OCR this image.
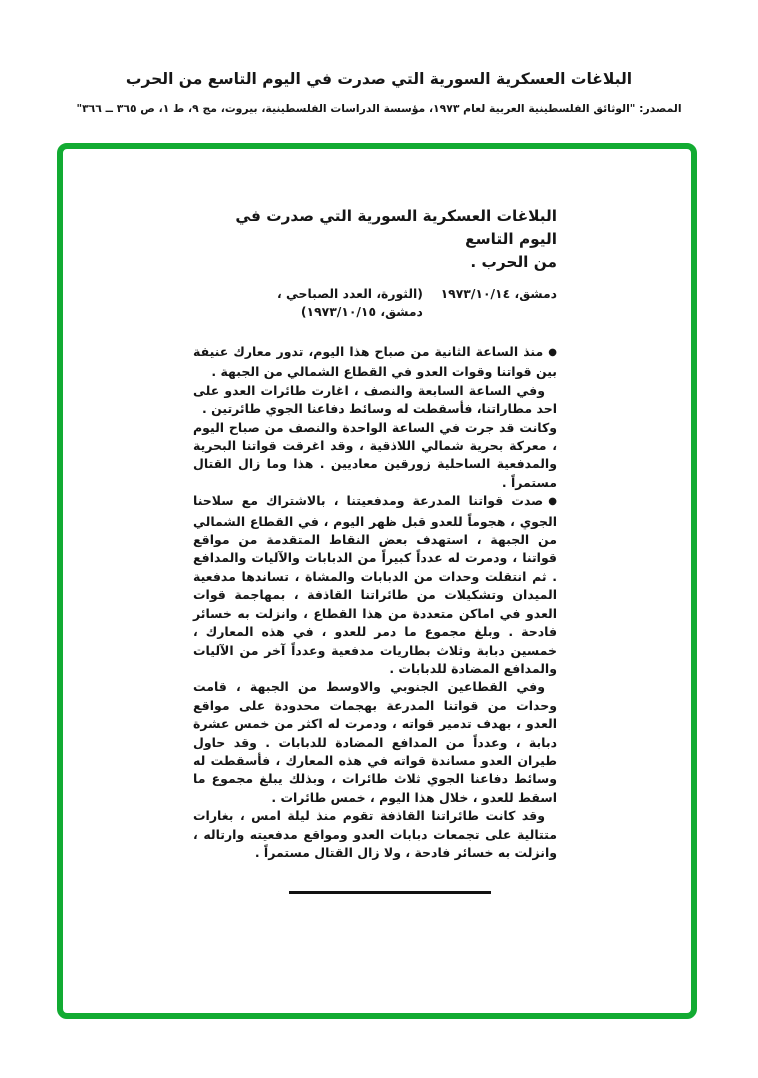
البلاغات العسكرية السورية التي صدرت في اليوم التاسع من الحرب
المصدر: "الوثائق الفلسطينية العربية لعام ١٩٧٣، مؤسسة الدراسات الفلسطينية، بيروت، مج ٩، ط ١، ص ٣٦٥ ــ ٣٦٦"
البلاغات العسكرية السورية التي صدرت في اليوم التاسع
من الحرب .
دمشق، ١٩٧٣/١٠/١٤
(الثورة، العدد الصباحي ،
دمشق، ١٩٧٣/١٠/١٥)
●منذ الساعة الثانية من صباح هذا اليوم، تدور معارك عنيفة بين قواتنا وقوات العدو في القطاع الشمالي من الجبهة .
وفي الساعة السابعة والنصف ، اغارت طائرات العدو على احد مطاراتنا، فأسقطت له وسائط دفاعنا الجوي طائرتين .
وكانت قد جرت في الساعة الواحدة والنصف من صباح اليوم ، معركة بحرية شمالي اللاذقية ، وقد اغرقت قواتنا البحرية والمدفعية الساحلية زورقين معاديين . هذا وما زال القتال مستمراً .
●صدت قواتنا المدرعة ومدفعيتنا ، بالاشتراك مع سلاحنا الجوي ، هجوماً للعدو قبل ظهر اليوم ، في القطاع الشمالي من الجبهة ، استهدف بعض النقاط المتقدمة من مواقع قواتنا ، ودمرت له عدداً كبيراً من الدبابات والآليات والمدافع . ثم انتقلت وحدات من الدبابات والمشاة ، تساندها مدفعية الميدان وتشكيلات من طائراتنا القاذفة ، بمهاجمة قوات العدو في اماكن متعددة من هذا القطاع ، وانزلت به خسائر فادحة . وبلغ مجموع ما دمر للعدو ، في هذه المعارك ، خمسين دبابة وثلاث بطاريات مدفعية وعدداً آخر من الآليات والمدافع المضادة للدبابات .
وفي القطاعين الجنوبي والاوسط من الجبهة ، قامت وحدات من قواتنا المدرعة بهجمات محدودة على مواقع العدو ، بهدف تدمير قواته ، ودمرت له اكثر من خمس عشرة دبابة ، وعدداً من المدافع المضادة للدبابات . وقد حاول طيران العدو مساندة قواته في هذه المعارك ، فأسقطت له وسائط دفاعنا الجوي ثلاث طائرات ، وبذلك يبلغ مجموع ما اسقط للعدو ، خلال هذا اليوم ، خمس طائرات .
وقد كانت طائراتنا القاذفة تقوم منذ ليلة امس ، بغارات متتالية على تجمعات دبابات العدو ومواقع مدفعيته وارتاله ، وانزلت به خسائر فادحة ، ولا زال القتال مستمراً .
